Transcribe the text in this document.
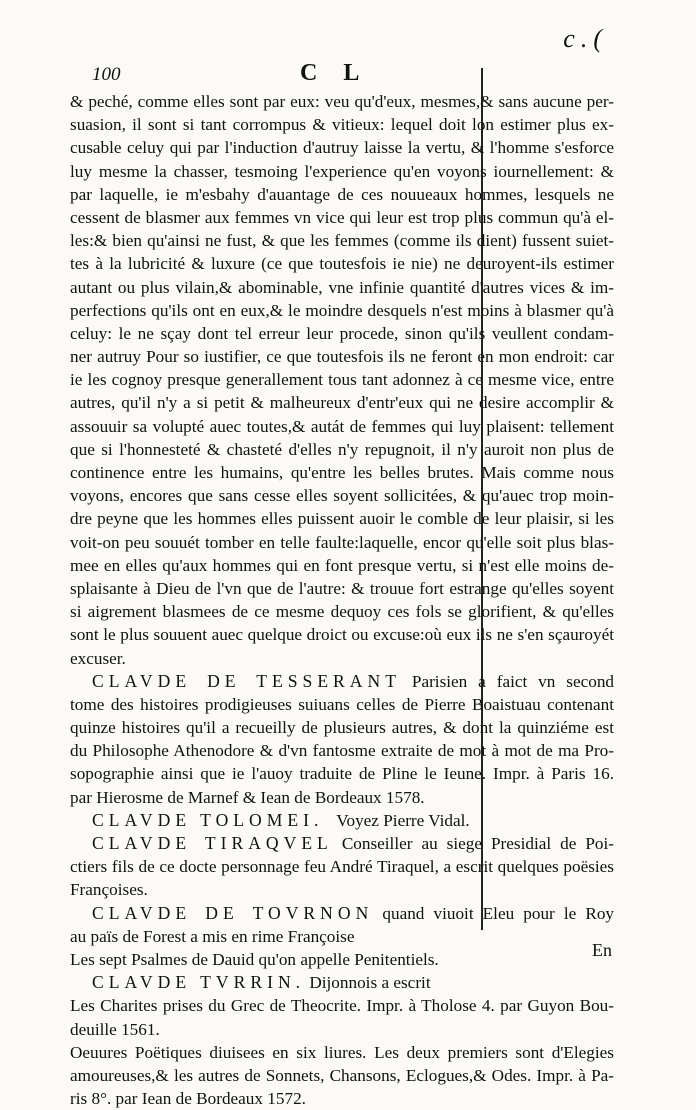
c.(
100	C L
& peché, comme elles sont par eux: veu qu'd'eux, mesmes,& sans aucune per-
suasion, il sont si tant corrompus & vitieux: lequel doit lon estimer plus ex-
cusable celuy qui par l'induction d'autruy laisse la vertu, & l'homme s'esforce
luy mesme la chasser, tesmoing l'experience qu'en voyons iournellement: &
par laquelle, ie m'esbahy d'auantage de ces nouueaux hommes, lesquels ne
cessent de blasmer aux femmes vn vice qui leur est trop plus commun qu'à el-
les:& bien qu'ainsi ne fust, & que les femmes (comme ils dient) fussent suiet-
tes à la lubricité & luxure (ce que toutesfois ie nie) ne deuroyent-ils estimer
autant ou plus vilain,& abominable, vne infinie quantité d'autres vices & im-
perfections qu'ils ont en eux,& le moindre desquels n'est moins à blasmer qu'à
celuy: le ne sçay dont tel erreur leur procede, sinon qu'ils veullent condam-
ner autruy Pour so iustifier, ce que toutesfois ils ne feront en mon endroit: car
ie les cognoy presque generallement tous tant adonnez à ce mesme vice, entre
autres, qu'il n'y a si petit & malheureux d'entr'eux qui ne desire accomplir &
assouuir sa volupté auec toutes,& autát de femmes qui luy plaisent: tellement
que si l'honnesteté & chasteté d'elles n'y repugnoit, il n'y auroit non plus de
continence entre les humains, qu'entre les belles brutes. Mais comme nous
voyons, encores que sans cesse elles soyent sollicitées, & qu'auec trop moin-
dre peyne que les hommes elles puissent auoir le comble de leur plaisir, si les
voit-on peu souuét tomber en telle faulte:laquelle, encor qu'elle soit plus blas-
mee en elles qu'aux hommes qui en font presque vertu, si n'est elle moins de-
splaisante à Dieu de l'vn que de l'autre: & trouue fort estrange qu'elles soyent
si aigrement blasmees de ce mesme dequoy ces fols se glorifient, & qu'elles
sont le plus souuent auec quelque droict ou excuse:où eux ils ne s'en sçauroyét
excuser.
CLAVDE DE TESSERANT Parisien a faict vn second
tome des histoires prodigieuses suiuans celles de Pierre Boaistuau contenant
quinze histoires qu'il a recueilly de plusieurs autres, & dont la quinziéme est
du Philosophe Athenodore & d'vn fantosme extraite de mot à mot de ma Pro-
sopographie ainsi que ie l'auoy traduite de Pline le Ieune. Impr. à Paris 16.
par Hierosme de Marnef & Iean de Bordeaux 1578.
CLAVDE TOLOMEI. Voyez Pierre Vidal.
CLAVDE TIRAQVEL Conseiller au siege Presidial de Poi-
ctiers fils de ce docte personnage feu André Tiraquel, a escrit quelques poësies
Françoises.
CLAVDE DE TOVRNON quand viuoit Eleu pour le Roy
au païs de Forest a mis en rime Françoise
Les sept Psalmes de Dauid qu'on appelle Penitentiels.
CLAVDE TVRRIN. Dijonnois a escrit
Les Charites prises du Grec de Theocrite. Impr. à Tholose 4. par Guyon Bou-
deuille 1561.
Oeuures Poëtiques diuisees en six liures. Les deux premiers sont d'Elegies
amoureuses,& les autres de Sonnets, Chansons, Eclogues,& Odes. Impr. à Pa-
ris 8°. par Iean de Bordeaux 1572.
En
